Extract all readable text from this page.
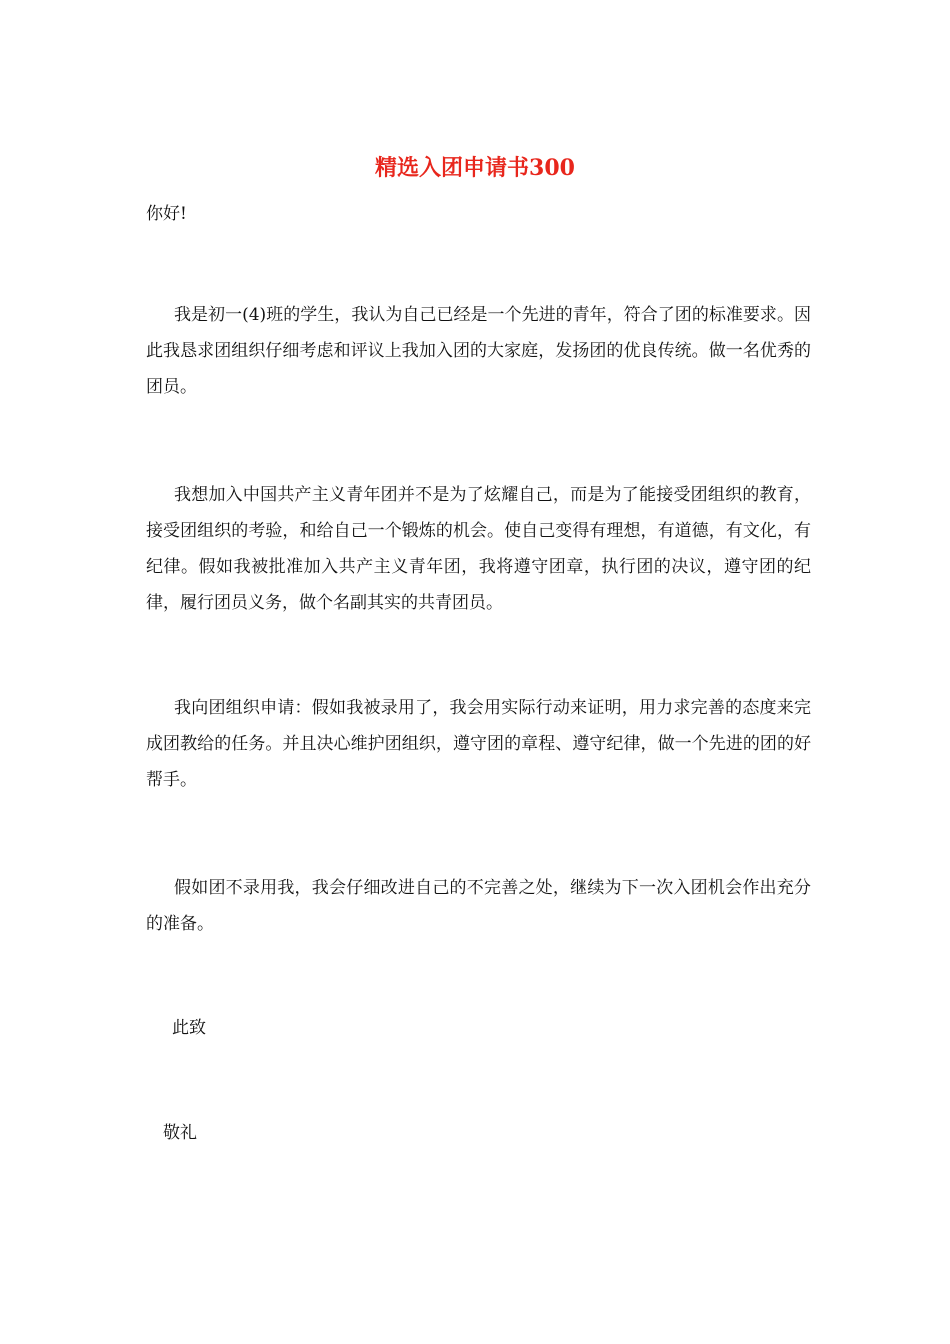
精选入团申请书300

你好!

我是初一(4)班的学生，我认为自己已经是一个先进的青年，符合了团的标准要求。因此我恳求团组织仔细考虑和评议上我加入团的大家庭，发扬团的优良传统。做一名优秀的团员。

我想加入中国共产主义青年团并不是为了炫耀自己，而是为了能接受团组织的教育，接受团组织的考验，和给自己一个锻炼的机会。使自己变得有理想，有道德，有文化，有纪律。假如我被批准加入共产主义青年团，我将遵守团章，执行团的决议，遵守团的纪律，履行团员义务，做个名副其实的共青团员。

我向团组织申请：假如我被录用了，我会用实际行动来证明，用力求完善的态度来完成团教给的任务。并且决心维护团组织，遵守团的章程、遵守纪律，做一个先进的团的好帮手。

假如团不录用我，我会仔细改进自己的不完善之处，继续为下一次入团机会作出充分的准备。

此致

敬礼
